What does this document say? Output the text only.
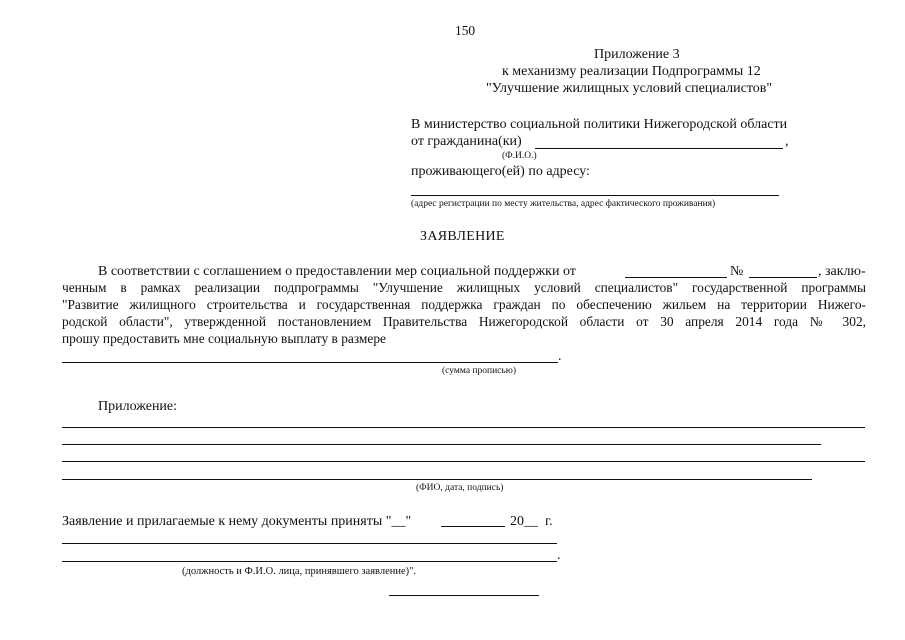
150
Приложение 3
к механизму реализации Подпрограммы 12
"Улучшение жилищных условий специалистов"
В министерство социальной политики Нижегородской области
от гражданина(ки)	,
(Ф.И.О.)
проживающего(ей) по адресу:
(адрес регистрации по месту жительства, адрес фактического проживания)
ЗАЯВЛЕНИЕ
В соответствии с соглашением о предоставлении мер социальной поддержки от	№	, заклю-
ченным в рамках реализации подпрограммы "Улучшение жилищных условий специалистов" государственной программы
"Развитие жилищного строительства и государственная поддержка граждан по обеспечению жильем на территории Нижего-
родской области", утвержденной постановлением Правительства Нижегородской области от 30 апреля 2014 года № 302,
прошу предоставить мне социальную выплату в размере
.
(сумма прописью)
Приложение:
(ФИО, дата, подпись)
Заявление и прилагаемые к нему документы приняты "__"	20__ г.
.
(должность и Ф.И.О. лица, принявшего заявление)".
